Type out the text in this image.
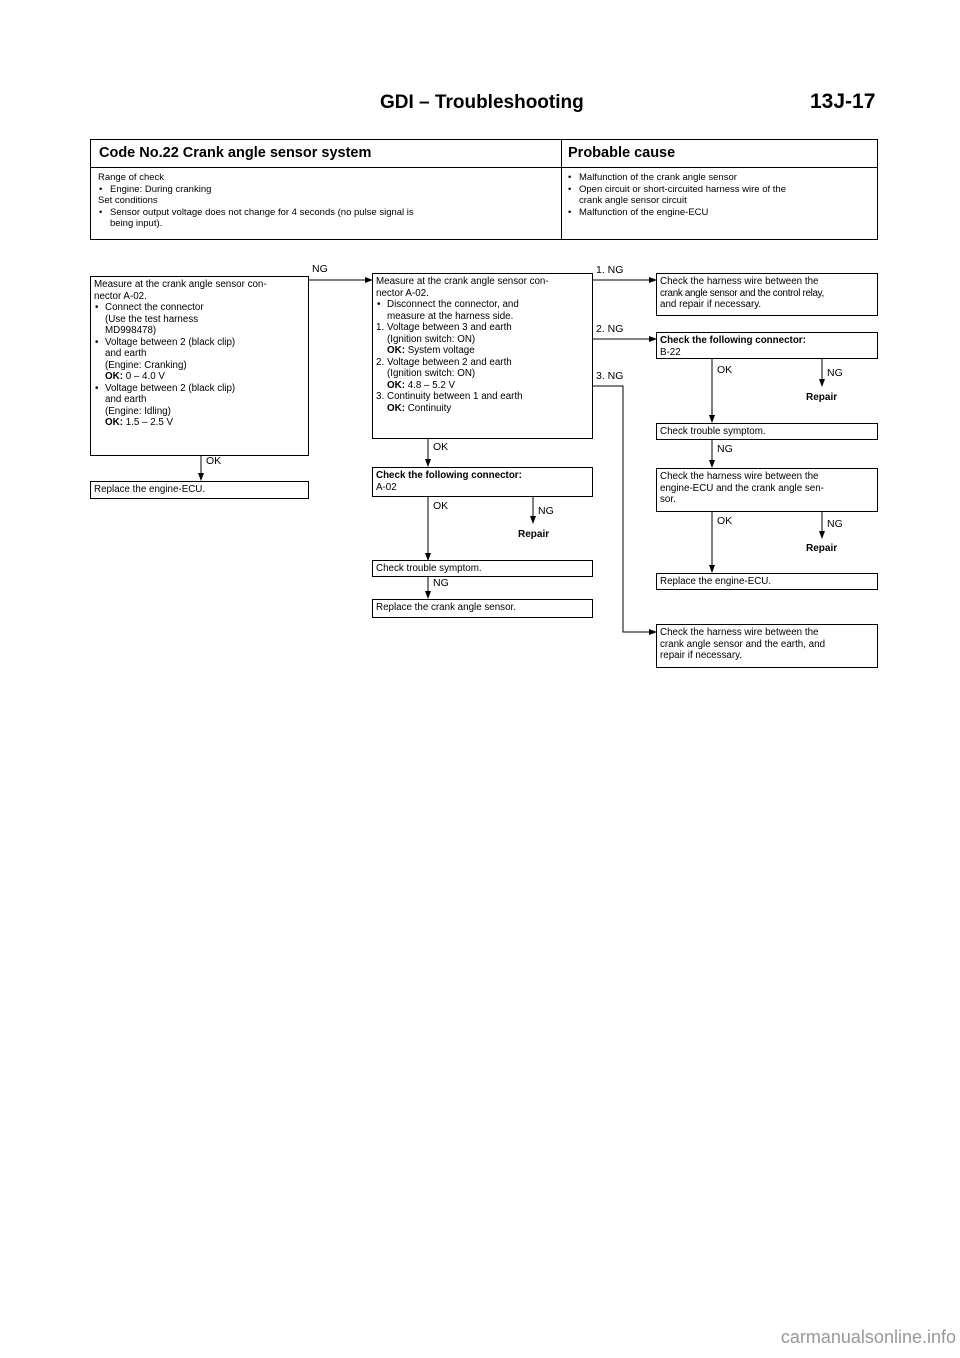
GDI – Troubleshooting	13J-17
Code No.22 Crank angle sensor system	Probable cause
Range of check
• Engine: During cranking
Set conditions
• Sensor output voltage does not change for 4 seconds (no pulse signal is
being input).
• Malfunction of the crank angle sensor
• Open circuit or short-circuited harness wire of the
crank angle sensor circuit
• Malfunction of the engine-ECU
Measure at the crank angle sensor con-
nector A-02.
• Connect the connector
(Use the test harness
MD998478)
• Voltage between 2 (black clip)
and earth
(Engine: Cranking)
OK: 0 – 4.0 V
• Voltage between 2 (black clip)
and earth
(Engine: Idling)
OK: 1.5 – 2.5 V
NG
OK
Replace the engine-ECU.
Measure at the crank angle sensor con-
nector A-02.
• Disconnect the connector, and
measure at the harness side.
1. Voltage between 3 and earth
(Ignition switch: ON)
OK: System voltage
2. Voltage between 2 and earth
(Ignition switch: ON)
OK: 4.8 – 5.2 V
3. Continuity between 1 and earth
OK: Continuity
1. NG
2. NG
3. NG
OK
Check the following connector:
A-02
OK	NG
Repair
Check trouble symptom.
NG
Replace the crank angle sensor.
Check the harness wire between the
crank angle sensor and the control relay,
and repair if necessary.
Check the following connector:
B-22
OK	NG
Repair
Check trouble symptom.
NG
Check the harness wire between the
engine-ECU and the crank angle sen-
sor.
OK	NG
Repair
Replace the engine-ECU.
Check the harness wire between the
crank angle sensor and the earth, and
repair if necessary.
carmanualsonline.info
